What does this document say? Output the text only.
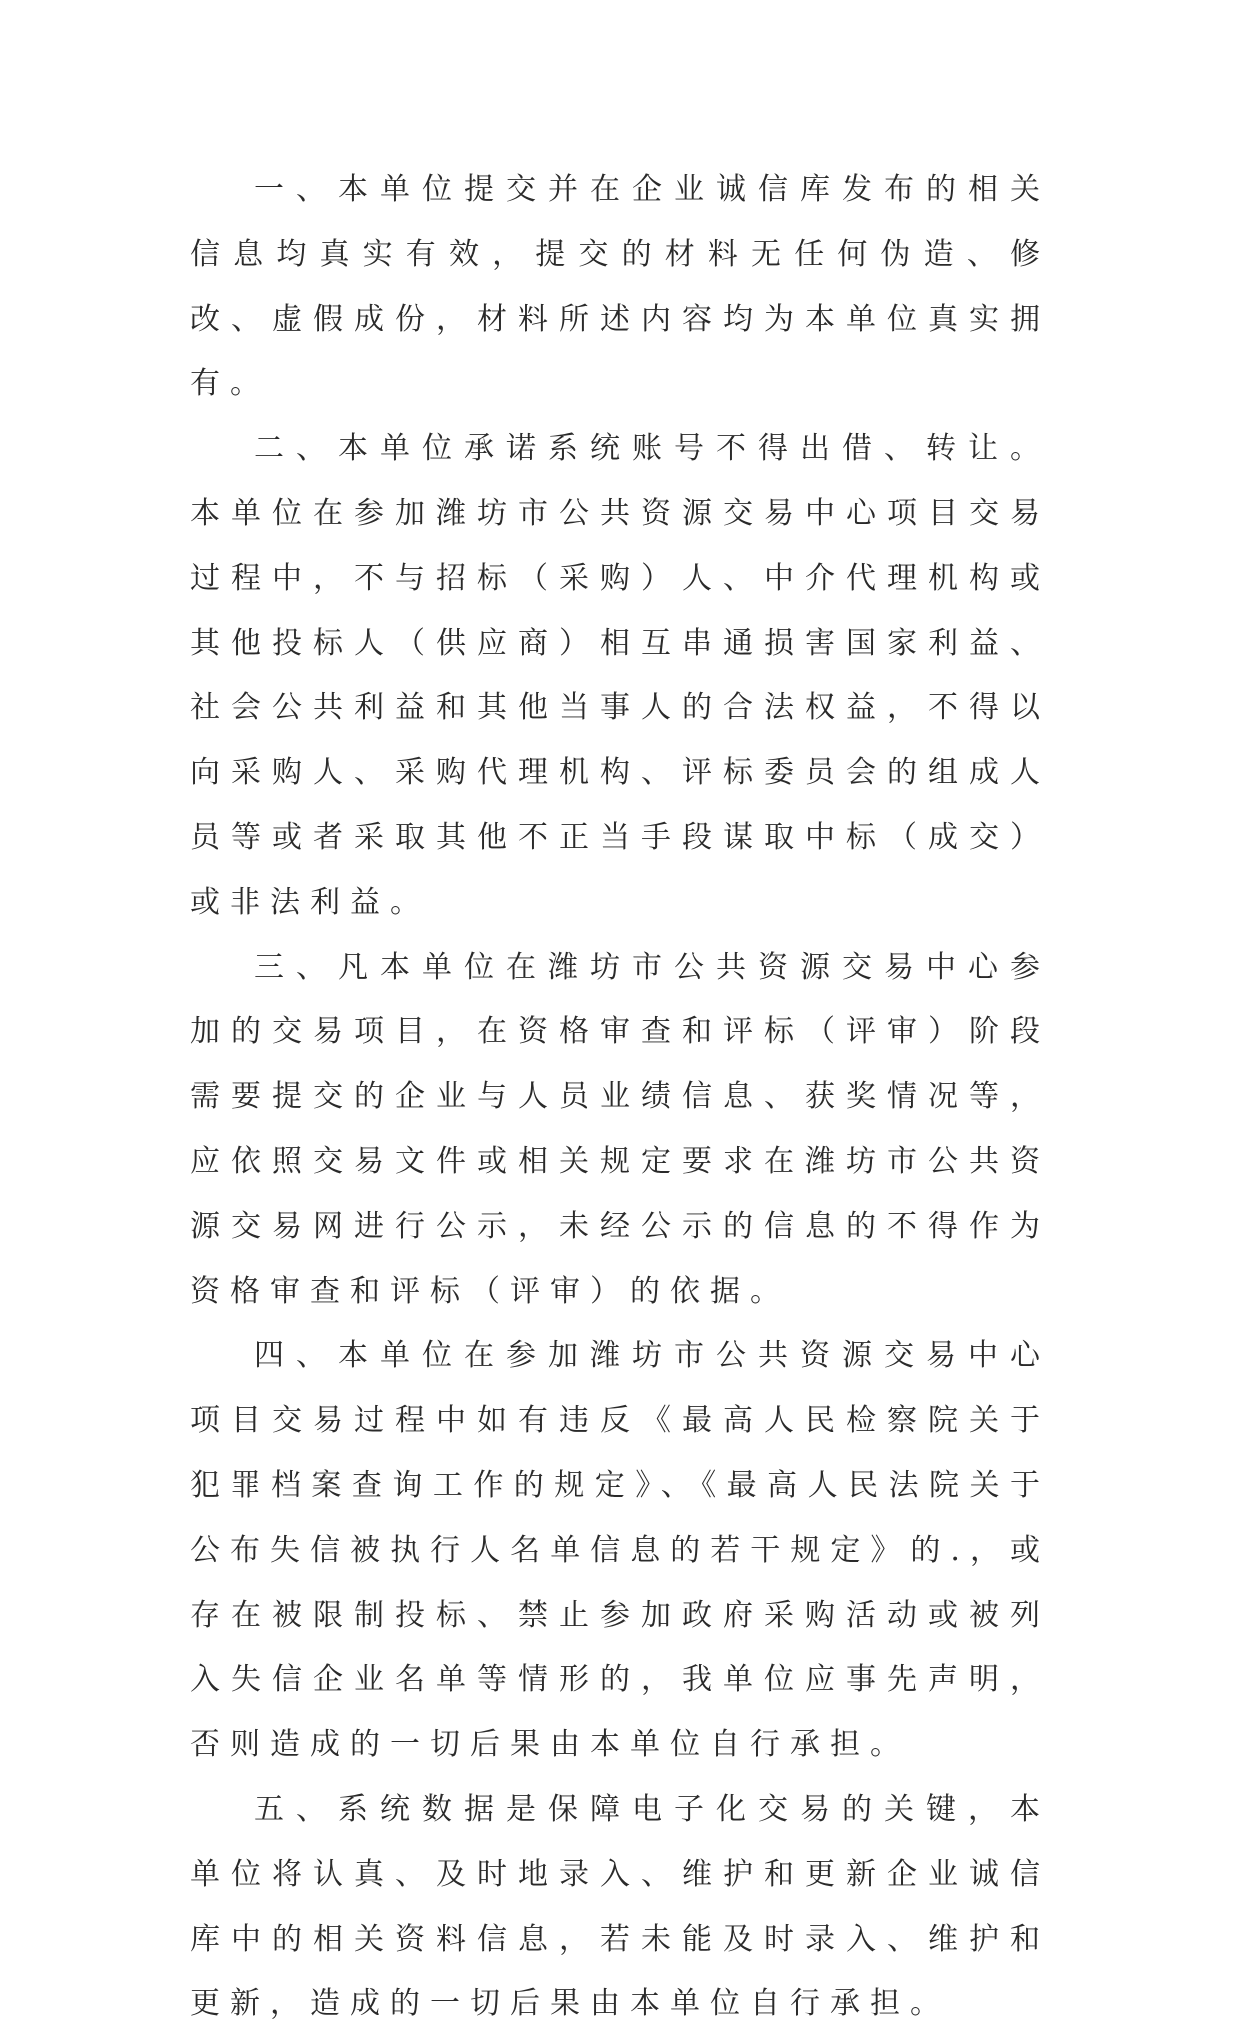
一、本单位提交并在企业诚信库发布的相关信息均真实有效，提交的材料无任何伪造、修改、虚假成份，材料所述内容均为本单位真实拥有。

二、本单位承诺系统账号不得出借、转让。本单位在参加潍坊市公共资源交易中心项目交易过程中，不与招标（采购）人、中介代理机构或其他投标人（供应商）相互串通损害国家利益、社会公共利益和其他当事人的合法权益，不得以向采购人、采购代理机构、评标委员会的组成人员等或者采取其他不正当手段谋取中标（成交）或非法利益。

三、凡本单位在潍坊市公共资源交易中心参加的交易项目，在资格审查和评标（评审）阶段需要提交的企业与人员业绩信息、获奖情况等，应依照交易文件或相关规定要求在潍坊市公共资源交易网进行公示，未经公示的信息的不得作为资格审查和评标（评审）的依据。

四、本单位在参加潍坊市公共资源交易中心项目交易过程中如有违反《最高人民检察院关于犯罪档案查询工作的规定》、《最高人民法院关于公布失信被执行人名单信息的若干规定》的.，或存在被限制投标、禁止参加政府采购活动或被列入失信企业名单等情形的，我单位应事先声明，否则造成的一切后果由本单位自行承担。

五、系统数据是保障电子化交易的关键，本单位将认真、及时地录入、维护和更新企业诚信库中的相关资料信息，若未能及时录入、维护和更新，造成的一切后果由本单位自行承担。
